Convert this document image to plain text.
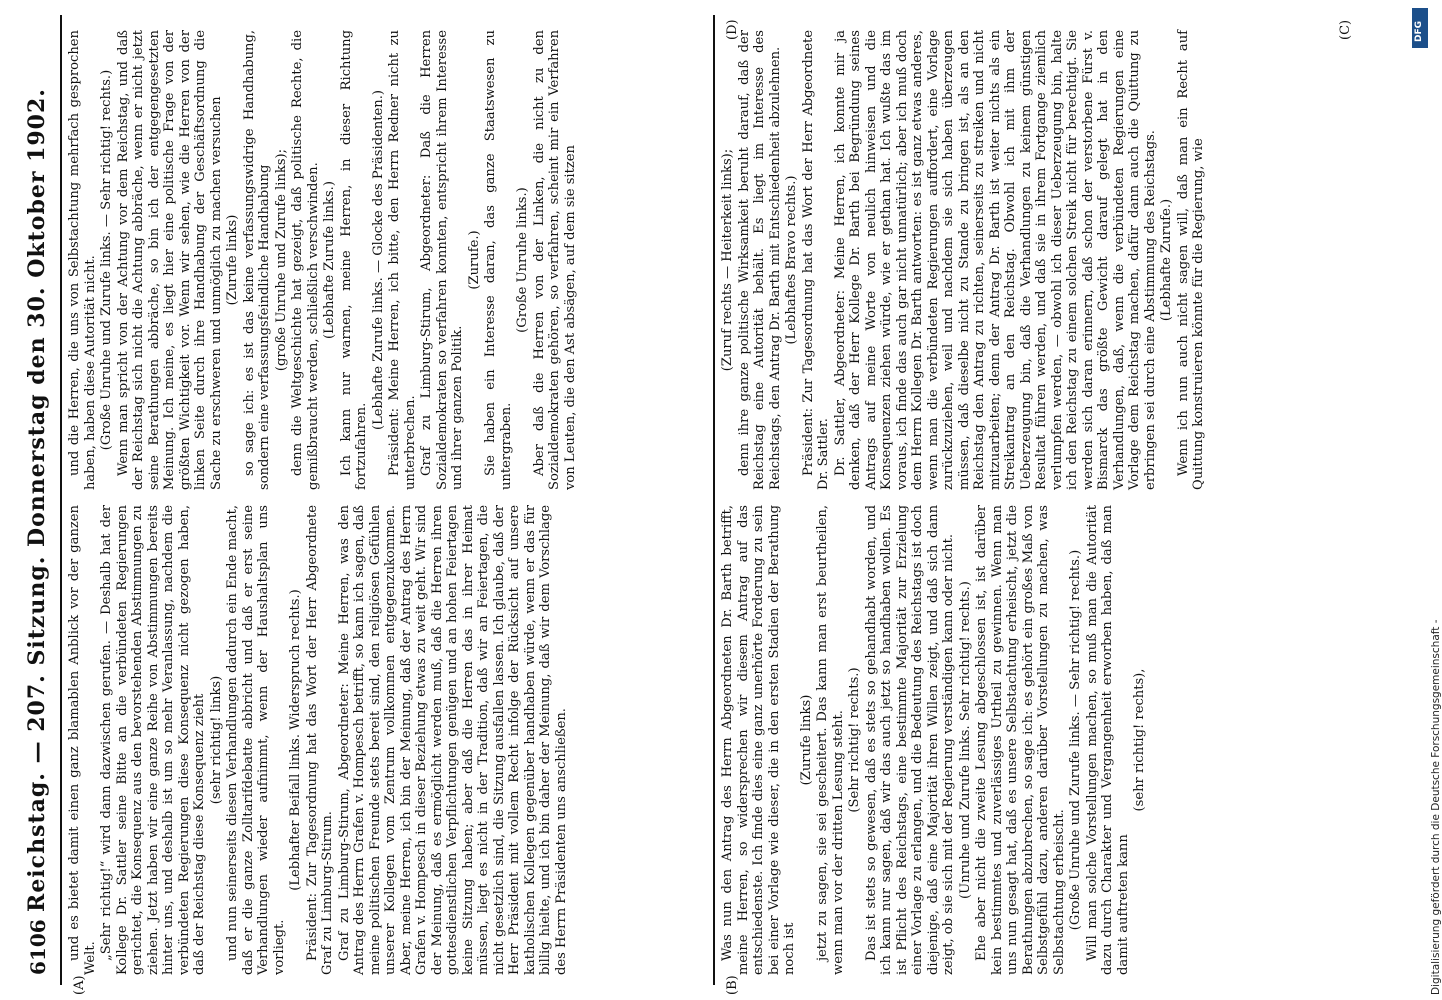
6106
Reichstag. — 207. Sitzung. Donnerstag den 30. Oktober 1902.
(A)	(B)

und es bietet damit einen ganz blamablen Anblick vor der ganzen Welt. „Sehr richtig!“ wird dann dazwischen gerufen. — Deshalb hat der Kollege Dr. Sattler seine Bitte an die verbündeten Regierungen gerichtet, die Konsequenz aus den bevorstehenden Abstimmungen zu ziehen. Jetzt haben wir eine ganze Reihe von Abstimmungen bereits hinter uns, und deshalb ist um so mehr Veranlassung, nachdem die verbündeten Regierungen diese Konsequenz nicht gezogen haben, daß der Reichstag diese Konsequenz zieht (sehr richtig! links) und nun seinerseits diesen Verhandlungen dadurch ein Ende macht, daß er die ganze Zolltarifdebatte abbricht und daß er erst seine Verhandlungen wieder aufnimmt, wenn der Haushaltsplan uns vorliegt.

(Lebhafter Beifall links. Widerspruch rechts.) Präsident: Zur Tagesordnung hat das Wort der Herr Abgeordnete Graf zu Limburg-Stirum. Graf zu Limburg-Stirum, Abgeordneter: Meine Herren, was den Antrag des Herrn Grafen v. Hompesch betrifft, so kann ich sagen, daß meine politischen Freunde stets bereit sind, den religiösen Gefühlen unserer Kollegen vom Zentrum vollkommen entgegenzukommen. Aber, meine Herren, ich bin der Meinung, daß der Antrag des Herrn Grafen v. Hompesch in dieser Beziehung etwas zu weit geht. Wir sind der Meinung, daß es ermöglicht werden muß, daß die Herren ihren gottesdienstlichen Verpflichtungen genügen und an hohen Feiertagen keine Sitzung haben; aber daß die Herren das in ihrer Heimat müssen, liegt es nicht in der Tradition, daß wir an Feiertagen, die nicht gesetzlich sind, die Sitzung ausfallen lassen. Ich glaube, daß der Herr Präsident mit vollem Recht infolge der Rücksicht auf unsere katholischen Kollegen gegenüber handhaben würde, wenn er das für billig hielte, und ich bin daher der Meinung, daß wir dem Vorschlage des Herrn Präsidenten uns anschließen.	Was nun den Antrag des Herrn Abgeordneten Dr. Barth betrifft, meine Herren, so widersprechen wir diesem Antrag auf das entschiedenste. Ich finde dies eine ganz unerhörte Forderung zu sein bei einer Vorlage wie dieser, die in den ersten Stadien der Berathung noch ist

(Zurufe links) jetzt zu sagen, sie sei gescheitert. Das kann man erst beurtheilen, wenn man vor der dritten Lesung steht. (Sehr richtig! rechts.) Das ist stets so gewesen, daß es stets so gehandhabt worden, und ich kann nur sagen, daß wir das auch jetzt so handhaben wollen. Es ist Pflicht des Reichstags, eine bestimmte Majorität zur Erzielung einer Vorlage zu erlangen, und die Bedeutung des Reichstags ist doch diejenige, daß eine Majorität ihren Willen zeigt, und daß sich dann zeigt, ob sie sich mit der Regierung verständigen kann oder nicht. (Unruhe und Zurufe links. Sehr richtig! rechts.) Ehe aber nicht die zweite Lesung abgeschlossen ist, ist darüber kein bestimmtes und zuverlässiges Urtheil zu gewinnen. Wenn man uns nun gesagt hat, daß es unsere Selbstachtung erheischt, jetzt die Berathungen abzubrechen, so sage ich: es gehört ein großes Maß von Selbstgefühl dazu, anderen darüber Vorstellungen zu machen, was Selbstachtung erheischt. (Große Unruhe und Zurufe links. — Sehr richtig! rechts.) Will man solche Vorstellungen machen, so muß man die Autorität dazu durch Charakter und Vergangenheit erworben haben, daß man damit auftreten kann

(sehr richtig! rechts),

und die Herren, die uns von Selbstachtung mehrfach gesprochen haben, haben diese Autorität nicht. (Große Unruhe und Zurufe links. — Sehr richtig! rechts.) Wenn man spricht von der Achtung vor dem Reichstag, und daß der Reichstag sich nicht die Achtung abbräche, wenn er nicht jetzt seine Berathungen abbräche, so bin ich der entgegengesetzten Meinung. Ich meine, es liegt hier eine politische Frage von der größten Wichtigkeit vor. Wenn wir sehen, wie die Herren von der linken Seite durch ihre Handhabung der Geschäftsordnung die Sache zu erschweren und unmöglich zu machen versuchen (Zurufe links) so sage ich: es ist das keine verfassungswidrige Handhabung, sondern eine verfassungsfeindliche Handhabung (große Unruhe und Zurufe links); denn die Weltgeschichte hat gezeigt, daß politische Rechte, die gemißbraucht werden, schließlich verschwinden. (Lebhafte Zurufe links.) Ich kann nur warnen, meine Herren, in dieser Richtung fortzufahren.

(Lebhafte Zurufe links. — Glocke des Präsidenten.) Präsident: Meine Herren, ich bitte, den Herrn Redner nicht zu unterbrechen. Graf zu Limburg-Stirum, Abgeordneter: Daß die Herren Sozialdemokraten so verfahren konnten, entspricht ihrem Interesse und ihrer ganzen Politik.

(Zurufe.) Sie haben ein Interesse daran, das ganze Staatswesen zu untergraben.

(Große Unruhe links.) Aber daß die Herren von der Linken, die nicht zu den Sozialdemokraten gehören, so verfahren, scheint mir ein Verfahren von Leuten, die den Ast absägen, auf dem sie sitzen	(Zuruf rechts — Heiterkeit links); denn ihre ganze politische Wirksamkeit beruht darauf, daß der Reichstag eine Autorität behält. Es liegt im Interesse des Reichstags, den Antrag Dr. Barth mit Entschiedenheit abzulehnen. (Lebhaftes Bravo rechts.) Präsident: Zur Tagesordnung hat das Wort der Herr Abgeordnete Dr. Sattler. Dr. Sattler, Abgeordneter: Meine Herren, ich konnte mir ja denken, daß der Herr Kollege Dr. Barth bei Begründung seines Antrags auf meine Worte von neulich hinweisen und die Konsequenzen ziehen würde, wie er gethan hat. Ich wußte das im voraus, ich finde das auch gar nicht unnatürlich; aber ich muß doch dem Herrn Kollegen Dr. Barth antworten: es ist ganz etwas anderes, wenn man die verbündeten Regierungen auffordert, eine Vorlage zurückzuziehen, weil und nachdem sie sich haben überzeugen müssen, daß dieselbe nicht zu Stande zu bringen ist, als an den Reichstag den Antrag zu richten, seinerseits zu streiken und nicht mitzuarbeiten; denn der Antrag Dr. Barth ist weiter nichts als ein Streikantrag an den Reichstag. Obwohl ich mit ihm der Ueberzeugung bin, daß die Verhandlungen zu keinem günstigen Resultat führen werden, und daß sie in ihrem Fortgange ziemlich verlumpfen werden, — obwohl ich dieser Ueberzeugung bin, halte ich den Reichstag zu einem solchen Streik nicht für berechtigt. Sie werden sich daran erinnern, daß schon der verstorbene Fürst v. Bismarck das größte Gewicht darauf gelegt hat in den Verhandlungen, daß, wenn die verbündeten Regierungen eine Vorlage dem Reichstag machen, dafür dann auch die Quittung zu erbringen sei durch eine Abstimmung des Reichstags. (Lebhafte Zurufe.) Wenn ich nun auch nicht sagen will, daß man ein Recht auf Quittung konstruieren könnte für die Regierung, wie

(C)
(D)
Digitalisierung gefördert durch die Deutsche Forschungsgemeinschaft -
DFG
